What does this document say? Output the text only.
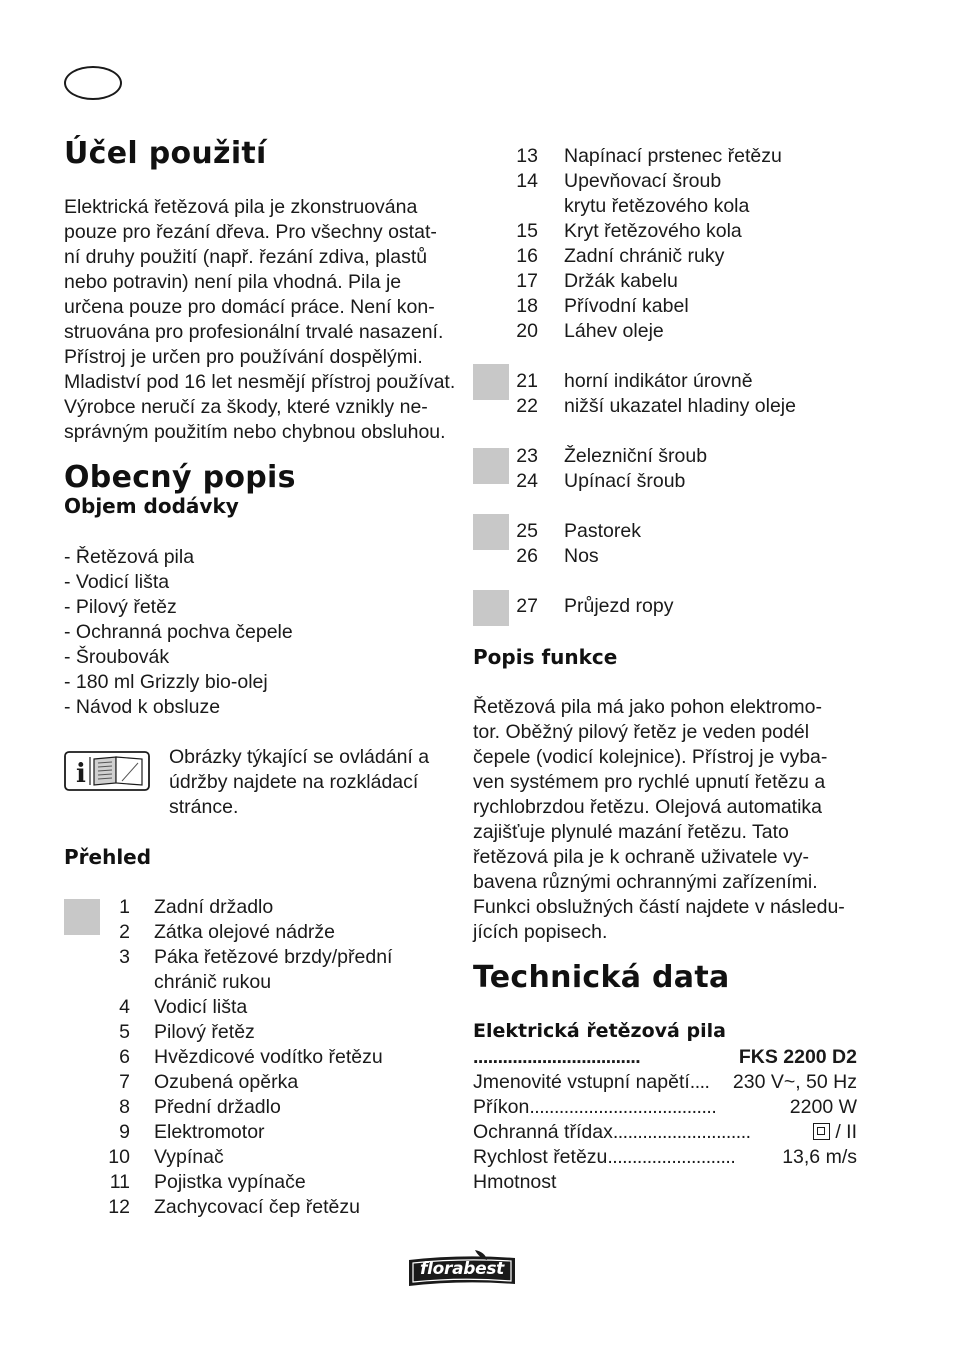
Účel použití

Elektrická řetězová pila je zkonstruována

pouze pro řezání dřeva. Pro všechny ostat-

ní druhy použití (např. řezání zdiva, plastů

nebo potravin) není pila vhodná. Pila je

určena pouze pro domácí práce. Není kon-

struována pro profesionální trvalé nasazení.

Přístroj je určen pro používání dospělými.

Mladiství pod 16 let nesmějí přístroj používat.

Výrobce neručí za škody, které vznikly ne-

správným použitím nebo chybnou obsluhou.

Obecný popis
Objem dodávky

- Řetězová pila

- Vodicí lišta

- Pilový řetěz

- Ochranná pochva čepele

- Šroubovák

- 180 ml Grizzly bio-olej

- Návod k obsluze

i

Obrázky týkající se ovládání a

údržby najdete na rozkládací

stránce.

Přehled
1 Zadní držadlo
2 Zátka olejové nádrže
3 Páka řetězové brzdy/přední
chránič rukou
4 Vodicí lišta
5 Pilový řetěz
6 Hvězdicové vodítko řetězu
7 Ozubená opěrka
8 Přední držadlo
9 Elektromotor
10 Vypínač
11 Pojistka vypínače
12 Zachycovací čep řetězu
13 Napínací prstenec řetězu
14 Upevňovací šroub
krytu řetězového kola
15 Kryt řetězového kola
16 Zadní chránič ruky
17 Držák kabelu
18 Přívodní kabel
20 Láhev oleje
21 horní indikátor úrovně
22 nižší ukazatel hladiny oleje
23 Železniční šroub
24 Upínací šroub
25 Pastorek
26 Nos
27 Průjezd ropy
Popis funkce

Řetězová pila má jako pohon elektromo-

tor. Oběžný pilový řetěz je veden podél

čepele (vodicí kolejnice). Přístroj je vyba-

ven systémem pro rychlé upnutí řetězu a

rychlobrzdou řetězu. Olejová automatika

zajišťuje plynulé mazání řetězu. Tato

řetězová pila je k ochraně uživatele vy-

bavena různými ochrannými zařízeními.

Funkci obslužných částí najdete v následu-

jících popisech.

Technická data
Elektrická řetězová pila
..................................	FKS 2200 D2
Jmenovité vstupní napětí.... 230 V~, 50 Hz
Příkon......................................	2200 W
Ochranná třídax............................	/ II
Rychlost řetězu.......................... 13,6 m/s
Hmotnost
florabest
